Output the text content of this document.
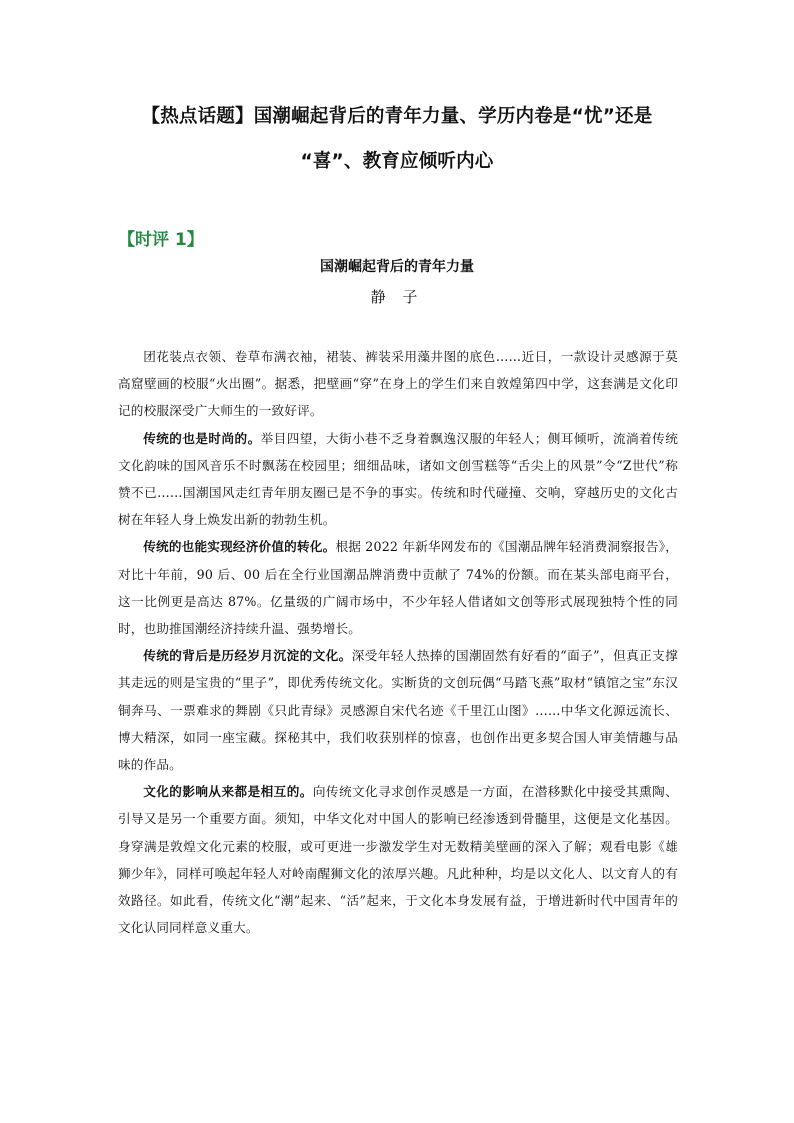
【热点话题】国潮崛起背后的青年力量、学历内卷是“忧”还是
“喜”、教育应倾听内心
【时评 1】
国潮崛起背后的青年力量
静 子

团花装点衣领、卷草布满衣袖，裙装、裤装采用藻井图的底色……近日，一款设计灵感源于莫高窟壁画的校服“火出圈”。据悉，把壁画“穿”在身上的学生们来自敦煌第四中学，这套满是文化印记的校服深受广大师生的一致好评。

传统的也是时尚的。举目四望，大街小巷不乏身着飘逸汉服的年轻人；侧耳倾听，流淌着传统文化韵味的国风音乐不时飘荡在校园里；细细品味，诸如文创雪糕等“舌尖上的风景”令“Z世代”称赞不已……国潮国风走红青年朋友圈已是不争的事实。传统和时代碰撞、交响，穿越历史的文化古树在年轻人身上焕发出新的勃勃生机。

传统的也能实现经济价值的转化。根据 2022 年新华网发布的《国潮品牌年轻消费洞察报告》，对比十年前，90 后、00 后在全行业国潮品牌消费中贡献了 74%的份额。而在某头部电商平台，这一比例更是高达 87%。亿量级的广阔市场中，不少年轻人借诸如文创等形式展现独特个性的同时，也助推国潮经济持续升温、强势增长。

传统的背后是历经岁月沉淀的文化。深受年轻人热捧的国潮固然有好看的“面子”，但真正支撑其走远的则是宝贵的“里子”，即优秀传统文化。实断货的文创玩偶“马踏飞燕”取材“镇馆之宝”东汉铜奔马、一票难求的舞剧《只此青绿》灵感源自宋代名迹《千里江山图》……中华文化源远流长、博大精深，如同一座宝藏。探秘其中，我们收获别样的惊喜，也创作出更多契合国人审美情趣与品味的作品。

文化的影响从来都是相互的。向传统文化寻求创作灵感是一方面，在潜移默化中接受其熏陶、引导又是另一个重要方面。须知，中华文化对中国人的影响已经渗透到骨髓里，这便是文化基因。身穿满是敦煌文化元素的校服，或可更进一步激发学生对无数精美壁画的深入了解；观看电影《雄狮少年》，同样可唤起年轻人对岭南醒狮文化的浓厚兴趣。凡此种种，均是以文化人、以文育人的有效路径。如此看，传统文化“潮”起来、“活”起来，于文化本身发展有益，于增进新时代中国青年的文化认同同样意义重大。
